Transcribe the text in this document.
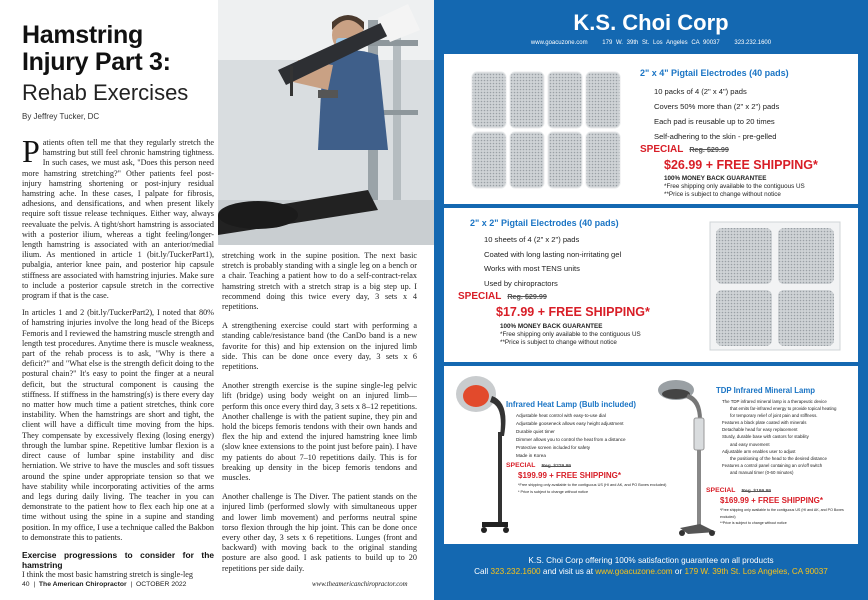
Hamstring
Injury Part 3:
Rehab Exercises
By Jeffrey Tucker, DC

Patients often tell me that they regularly stretch the hamstring but still feel chronic hamstring tightness. In such cases, we must ask, "Does this person need more hamstring stretching?" Other patients feel post-injury hamstring shortening or post-injury residual hamstring ache. In these cases, I palpate for fibrosis, adhesions, and densifications, and when present likely require soft tissue release techniques. Either way, always reevaluate the pelvis. A tight/short hamstring is associated with a posterior ilium, whereas a tight feeling/longer-length hamstring is associated with an anterior/medial ilium. As mentioned in article 1 (bit.ly/TuckerPart1), pubalgia, anterior knee pain, and posterior hip capsule stiffness are associated with hamstring injuries. Make sure to include a posterior capsule stretch in the corrective program if that is the case.

In articles 1 and 2 (bit.ly/TuckerPart2), I noted that 80% of hamstring injuries involve the long head of the Biceps Femoris and I reviewed the hamstring muscle strength and length test procedures. Anytime there is muscle weakness, part of the rehab process is to ask, "Why is there a deficit?" and "What else is the strength deficit doing to the postural chain?" It's easy to point the finger at a neural deficit, but the structural component is causing the stiffness. If stiffness in the hamstring(s) is there every day no matter how much time a patient stretches, think core instability. When the hamstrings are short and tight, the client will have a difficult time moving from the hips. They compensate by excessively flexing (losing energy) through the lumbar spine. Repetitive lumbar flexion is a direct cause of lumbar spine instability and disc herniation. We strive to have the muscles and soft tissues around the spine under appropriate tension so that we have stability while incorporating activities of the arms and legs during daily living. The teacher in you can demonstrate to the patient how to flex each hip one at a time without using the spine in a supine and standing position. In my office, I use a technique called the Bakbon to demonstrate this to patients.

Exercise progressions to consider for the hamstring
I think the most basic hamstring stretch is single-leg

stretching work in the supine position. The next basic stretch is probably standing with a single leg on a bench or a chair. Teaching a patient how to do a self-contract-relax hamstring stretch with a stretch strap is a big step up. I recommend doing this twice every day, 3 sets x 4 repetitions.

A strengthening exercise could start with performing a standing cable/resistance band (the CanDo band is a new favorite for this) and hip extension on the injured limb side. This can be done once every day, 3 sets x 6 repetitions.

Another strength exercise is the supine single-leg pelvic lift (bridge) using body weight on an injured limb—perform this once every third day, 3 sets x 8–12 repetitions. Another challenge is with the patient supine, they pin and hold the biceps femoris tendons with their own hands and flex the hip and extend the injured hamstring knee limb (slow knee extensions to the point just before pain). I have my patients do about 7–10 repetitions daily. This is for breaking up density in the bicep femoris tendons and muscles.

Another challenge is The Diver. The patient stands on the injured limb (performed slowly with simultaneous upper and lower limb movement) and performs neutral spine torso flexion through the hip joint. This can be done once every other day, 3 sets x 6 repetitions. Lunges (front and backward) with moving back to the original standing posture are also good. I ask patients to build up to 20 repetitions per side daily.

40  |  The American Chiropractor  |  OCTOBER 2022	www.theamericanchiropractor.com
K.S. Choi Corp
www.goacuzone.com 179 W. 39th St. Los Angeles CA 90037 323.232.1600
2" x 4" Pigtail Electrodes (40 pads)
10 packs of 4 (2" x 4") pads
Covers 50% more than (2" x 2") pads
Each pad is reusable up to 20 times
Self-adhering to the skin - pre-gelled
SPECIAL Reg. $29.99
$26.99 + FREE SHIPPING*
100% MONEY BACK GUARANTEE
*Free shipping only available to the contiguous US
**Price is subject to change without notice
2" x 2" Pigtail Electrodes (40 pads)
10 sheets of 4 (2" x 2") pads
Coated with long lasting non-irritating gel
Works with most TENS units
Used by chiropractors
SPECIAL Reg. $29.99
$17.99 + FREE SHIPPING*
100% MONEY BACK GUARANTEE
*Free shipping only available to the contiguous US
**Price is subject to change without notice
Infrared Heat Lamp (Bulb included)
Adjustable heat control with easy-to-use dial
Adjustable gooseneck allows easy height adjustment
Durable quiet timer
Dimmer allows you to control the heat from a distance
Protective screen included for safety
Made in Korea
SPECIAL Reg. $229.99
$199.99 + FREE SHIPPING*
*Free shipping only available to the contiguous US (HI and AK, and PO Boxes excluded)
* Price is subject to change without notice
TDP Infrared Mineral Lamp
The TDP infrared mineral lamp is a therapeutic device
that emits far-infrared energy to provide topical heating
for temporary relief of joint pain and stiffness.
Features a black plate coated with minerals
Detachable head for easy replacement
Sturdy, durable base with castors for stability
and easy movement
Adjustable arm enables user to adjust
the positioning of the head to the desired distance
Features a control panel containing an on/off switch
and manual timer (0-60 minutes)
SPECIAL Reg. $199.99
$169.99 + FREE SHIPPING*
*Free shipping only available to the contiguous US (HI and AK, and PO Boxes excluded)
**Price is subject to change without notice
K.S. Choi Corp offering 100% satisfaction guarantee on all products
Call 323.232.1600 and visit us at www.goacuzone.com or 179 W. 39th St. Los Angeles, CA 90037
